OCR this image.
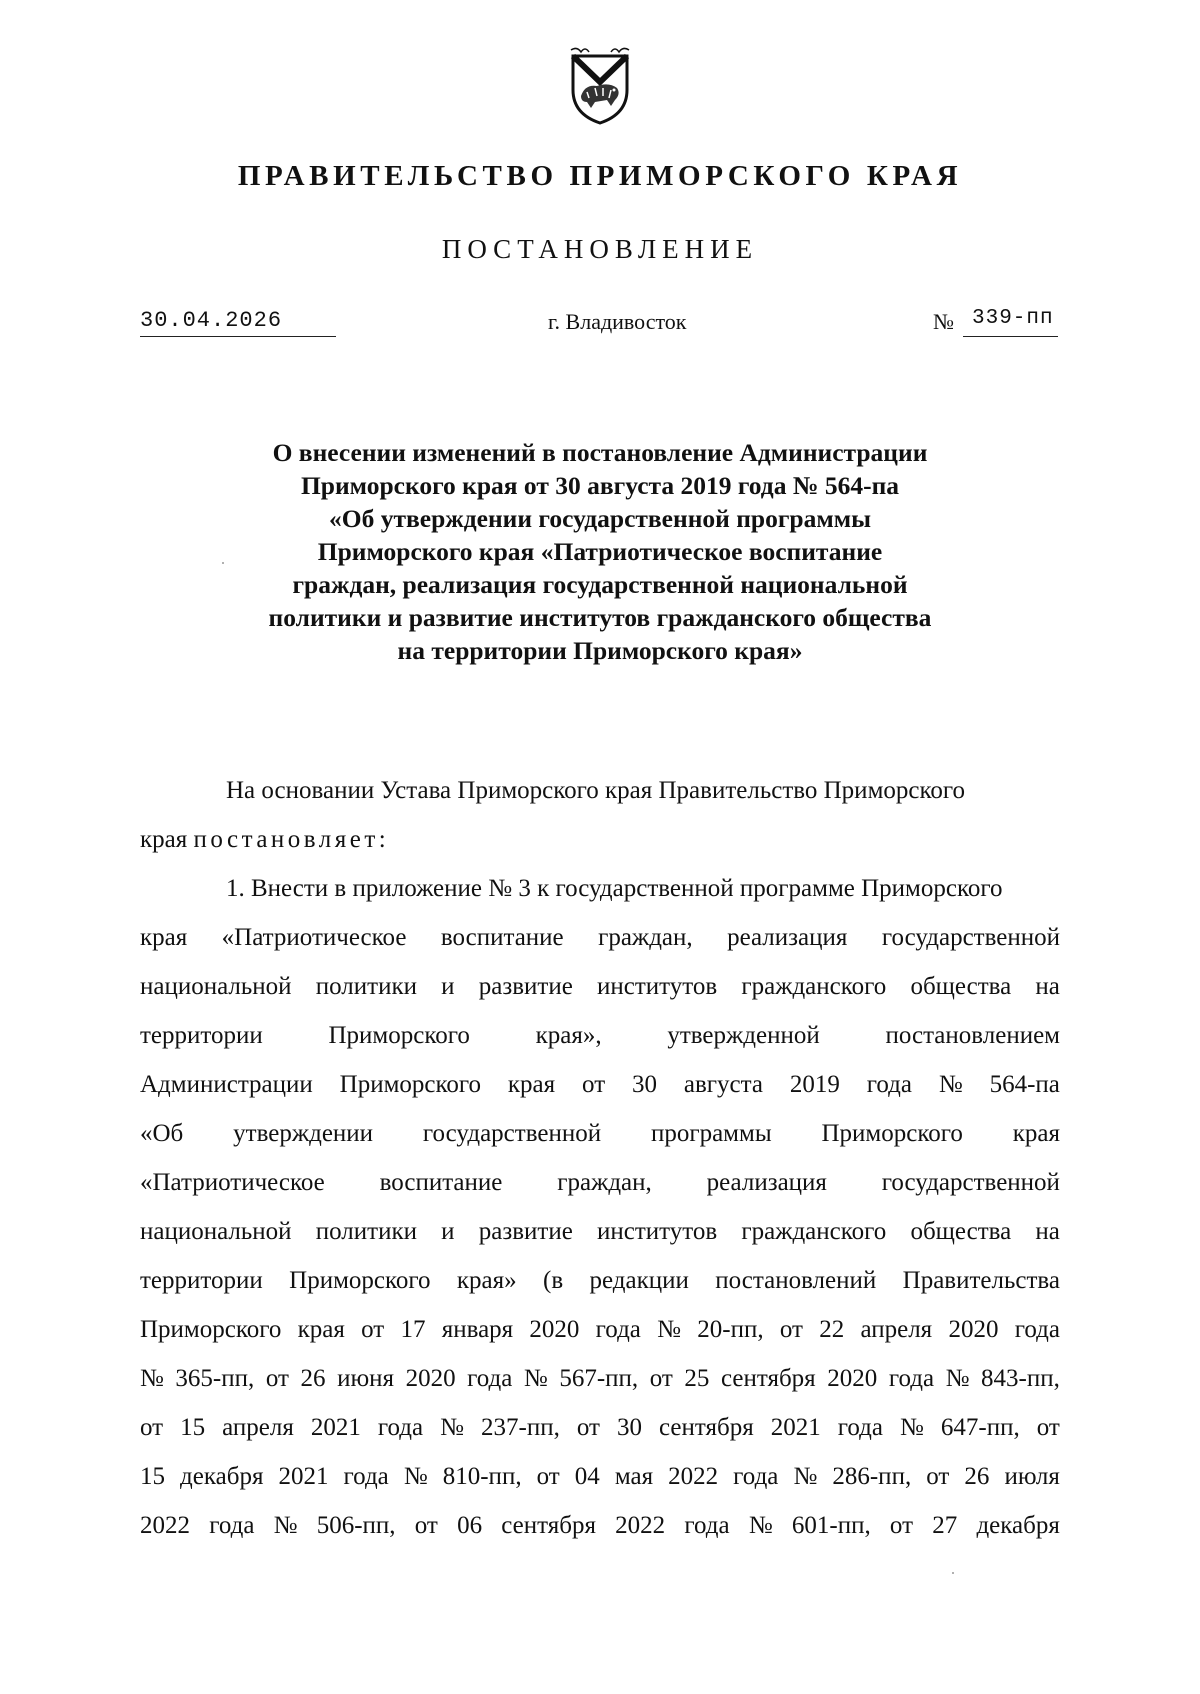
ПРАВИТЕЛЬСТВО ПРИМОРСКОГО КРАЯ
ПОСТАНОВЛЕНИЕ
30.04.2026	г. Владивосток	№ 339-пп
О внесении изменений в постановление Администрации
Приморского края от 30 августа 2019 года № 564-па
«Об утверждении государственной программы
Приморского края «Патриотическое воспитание
граждан, реализация государственной национальной
политики и развитие институтов гражданского общества
на территории Приморского края»
На основании Устава Приморского края Правительство Приморского
края постановляет:
1. Внести в приложение № 3 к государственной программе Приморского
края «Патриотическое воспитание граждан, реализация государственной
национальной политики и развитие институтов гражданского общества на
территории	Приморского	края»,	утвержденной	постановлением
Администрации Приморского края от 30 августа 2019 года № 564-па
«Об утверждении государственной программы Приморского края
«Патриотическое воспитание граждан, реализация государственной
национальной политики и развитие институтов гражданского общества на
территории Приморского края» (в редакции постановлений Правительства
Приморского края от 17 января 2020 года № 20-пп, от 22 апреля 2020 года
№ 365-пп, от 26 июня 2020 года № 567-пп, от 25 сентября 2020 года № 843-пп,
от 15 апреля 2021 года № 237-пп, от 30 сентября 2021 года № 647-пп, от
15 декабря 2021 года № 810-пп, от 04 мая 2022 года № 286-пп, от 26 июля
2022 года № 506-пп, от 06 сентября 2022 года № 601-пп, от 27 декабря
